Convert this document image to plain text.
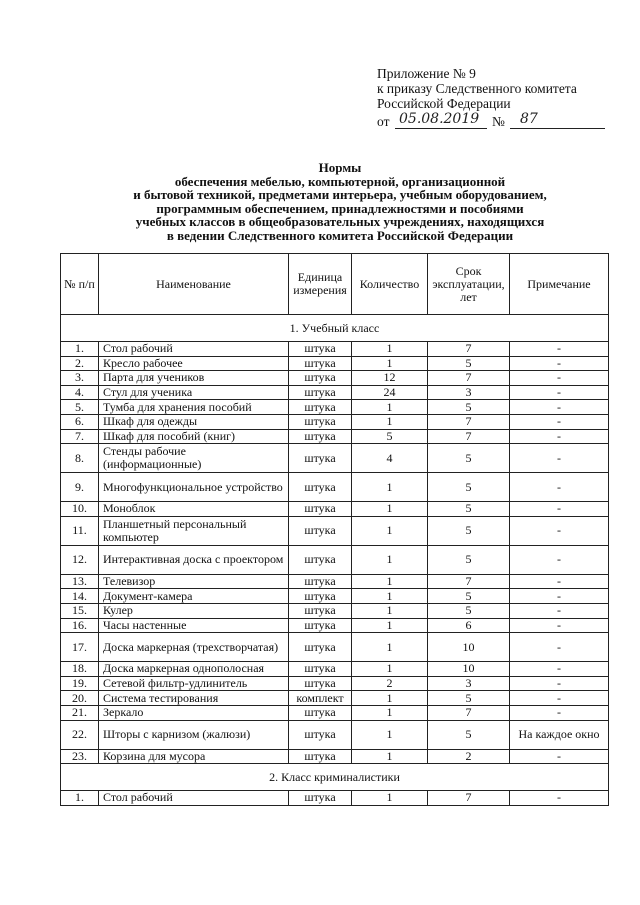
Приложение № 9
к приказу Следственного комитета
Российской Федерации
от 05.08.2019 № 87
Нормы
обеспечения мебелью, компьютерной, организационной
и бытовой техникой, предметами интерьера, учебным оборудованием,
программным обеспечением, принадлежностями и пособиями
учебных классов в общеобразовательных учреждениях, находящихся
в ведении Следственного комитета Российской Федерации
№ п/п	Наименование	Единица измерения	Количество	Срок эксплуатации, лет	Примечание
1. Учебный класс					
1.	Стол рабочий	штука	1	7	-
2.	Кресло рабочее	штука	1	5	-
3.	Парта для учеников	штука	12	7	-
4.	Стул для ученика	штука	24	3	-
5.	Тумба для хранения пособий	штука	1	5	-
6.	Шкаф для одежды	штука	1	7	-
7.	Шкаф для пособий (книг)	штука	5	7	-
8.	Стенды рабочие (информационные)	штука	4	5	-
9.	Многофункциональное устройство	штука	1	5	-
10.	Моноблок	штука	1	5	-
11.	Планшетный персональный компьютер	штука	1	5	-
12.	Интерактивная доска с проектором	штука	1	5	-
13.	Телевизор	штука	1	7	-
14.	Документ-камера	штука	1	5	-
15.	Кулер	штука	1	5	-
16.	Часы настенные	штука	1	6	-
17.	Доска маркерная (трехстворчатая)	штука	1	10	-
18.	Доска маркерная однополосная	штука	1	10	-
19.	Сетевой фильтр-удлинитель	штука	2	3	-
20.	Система тестирования	комплект	1	5	-
21.	Зеркало	штука	1	7	-
22.	Шторы с карнизом (жалюзи)	штука	1	5	На каждое окно
23.	Корзина для мусора	штука	1	2	-
2. Класс криминалистики					
1.	Стол рабочий	штука	1	7	-
